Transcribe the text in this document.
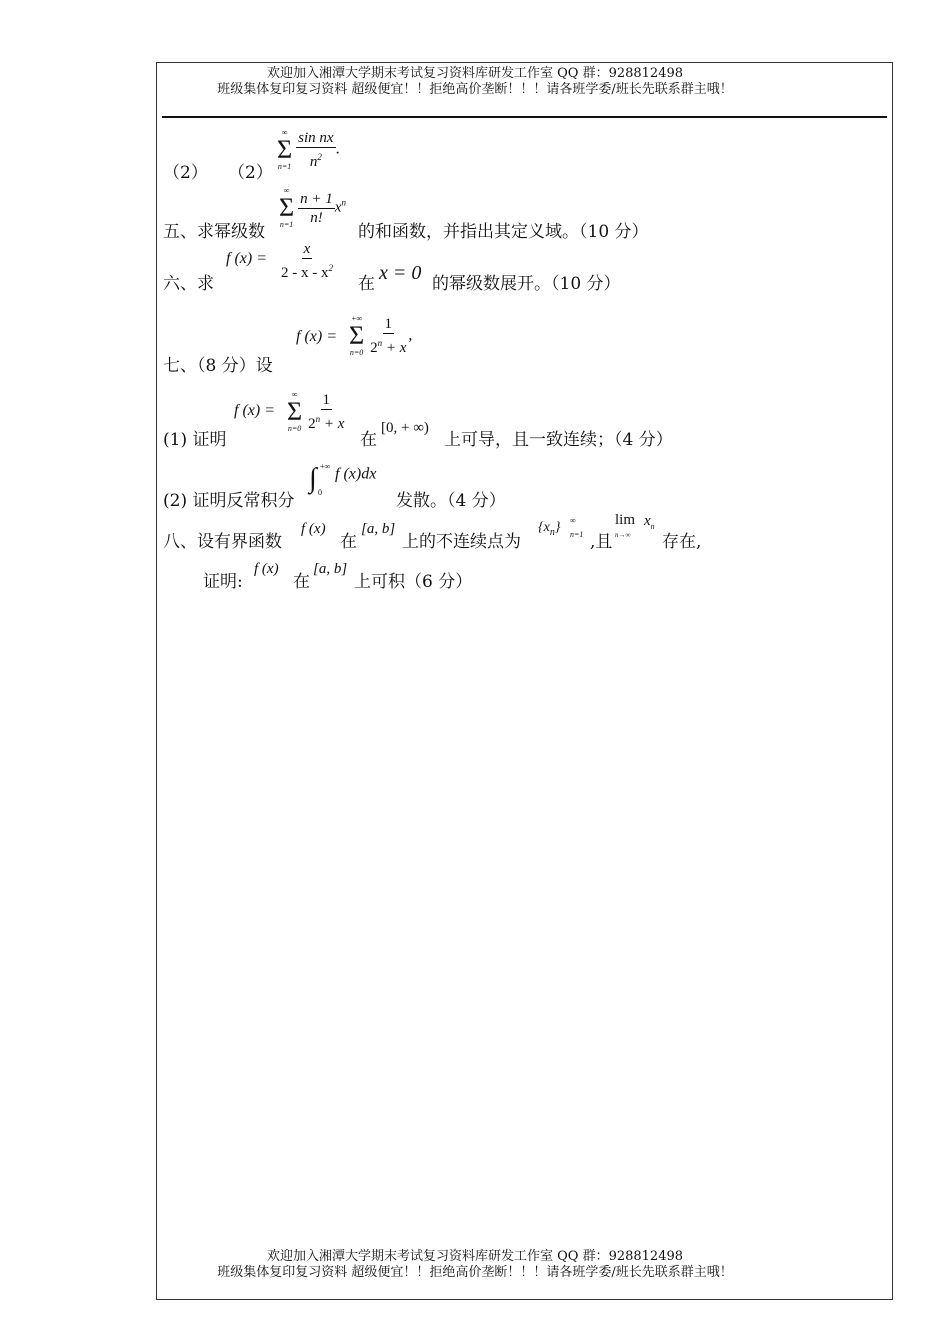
欢迎加入湘潭大学期末考试复习资料库研发工作室 QQ 群：928812498
班级集体复印复习资料 超级便宜！！拒绝高价垄断！！！请各班学委/班长先联系群主哦！
（2） （2）
∞
Σ
n=1
$\frac{\text{sin nx}}{n^2}$ .
五、求幂级数
∞
Σ
n=1
$\frac{n + 1}{n!} x^n$
的和函数，并指出其定义域。（10 分）
六、求
f $(x) = \frac{x}{2 - x - x^2}$
在 x = 0 的幂级数展开。（10 分）
七、（8 分）设
f (x) =
+∞
Σ
n=0
$\frac{1}{2^n + x}$ ,
(1) 证明
f (x) =
∞
Σ
n=0
$\frac{1}{2^n + x}$
在
[0, + ∞)
上可导，且一致连续；（4 分）
(2) 证明反常积分
∫ +∞
0
f (x)dx
发散。（4 分）
八、设有界函数
f (x)
在
[a, b]
上的不连续点为
$\{x_n\}$ ∞
n=1 ,且
lim
n→∞
$x_n$
存在,
证明:
f (x)
在
[a, b]
上可积（6 分）
欢迎加入湘潭大学期末考试复习资料库研发工作室 QQ 群：928812498
班级集体复印复习资料 超级便宜！！拒绝高价垄断！！！请各班学委/班长先联系群主哦！
